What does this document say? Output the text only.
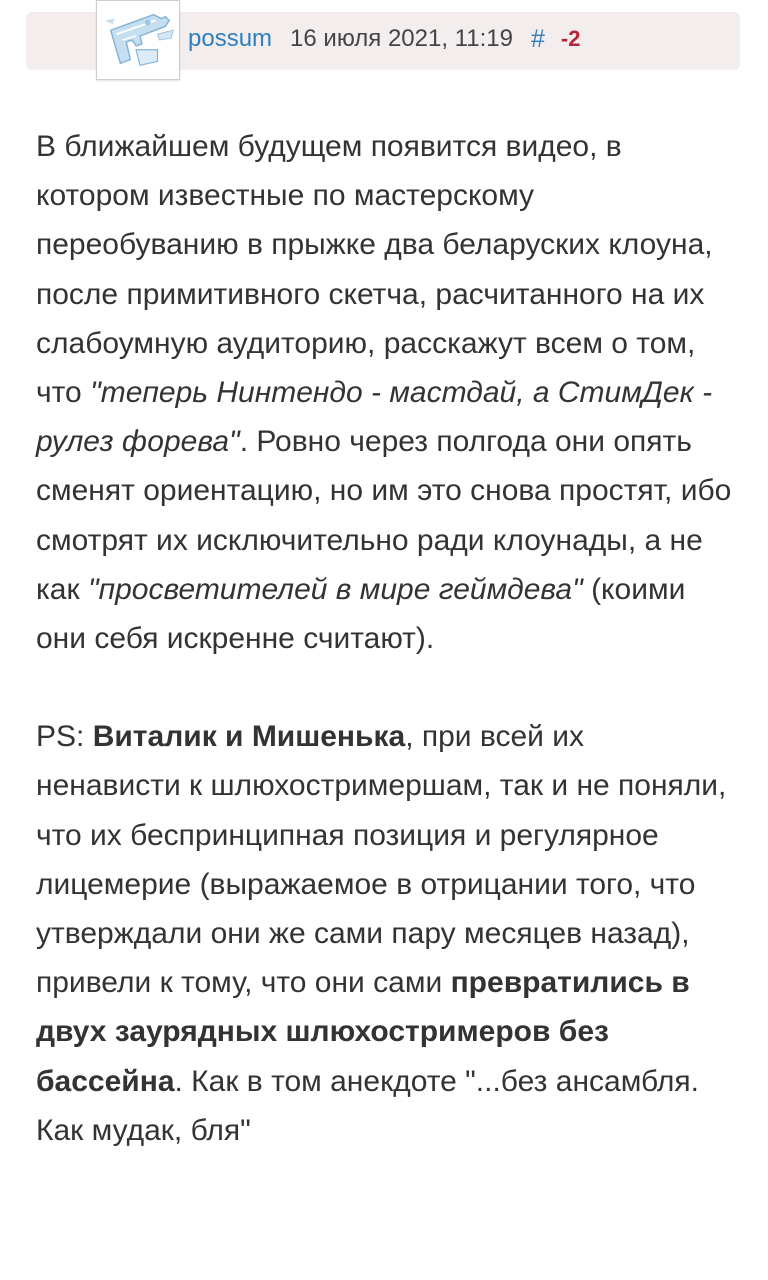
possum 16 июля 2021, 11:19 # -2

В ближайшем будущем появится видео, в котором известные по мастерскому переобуванию в прыжке два беларуских клоуна, после примитивного скетча, расчитанного на их слабоумную аудиторию, расскажут всем о том, что "теперь Нинтендо - мастдай, а СтимДек - рулез форева". Ровно через полгода они опять сменят ориентацию, но им это снова простят, ибо смотрят их исключительно ради клоунады, а не как "просветителей в мире геймдева" (коими они себя искренне считают).

PS: Виталик и Мишенька, при всей их ненависти к шлюхостримершам, так и не поняли, что их беспринципная позиция и регулярное лицемерие (выражаемое в отрицании того, что утверждали они же сами пару месяцев назад), привели к тому, что они сами превратились в двух заурядных шлюхостримеров без бассейна. Как в том анекдоте "...без ансамбля. Как мудак, бля"
